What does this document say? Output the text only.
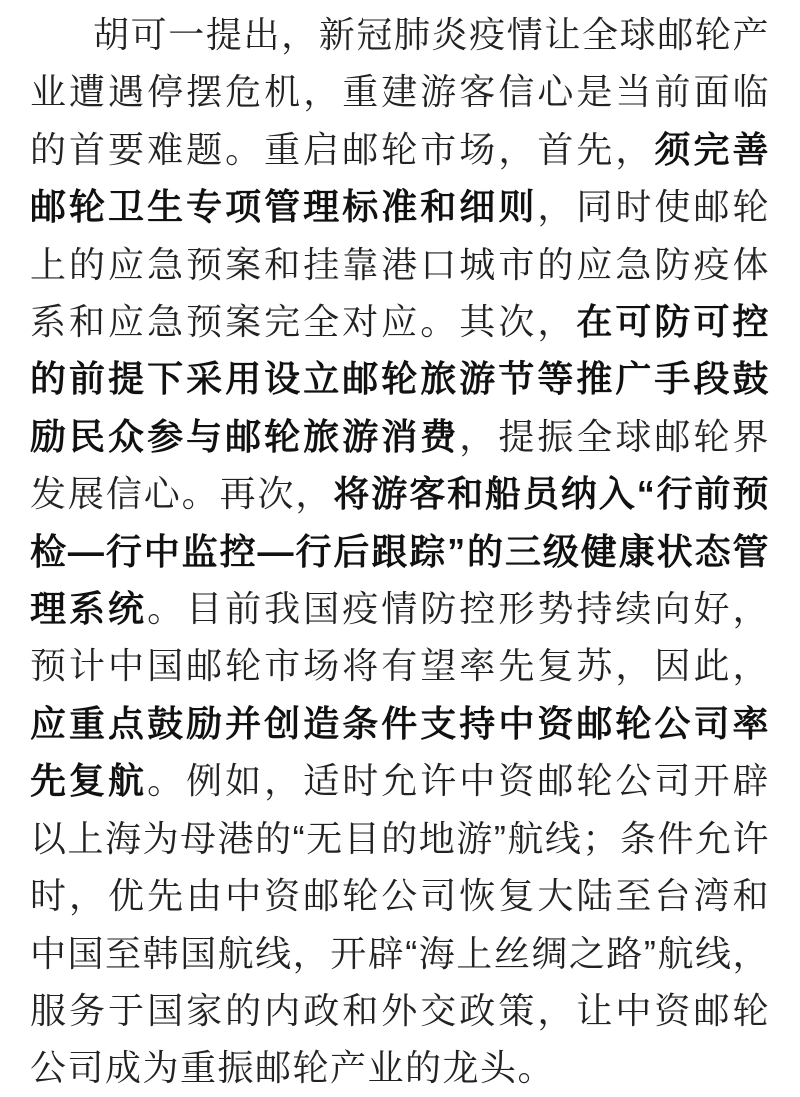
胡可一提出，新冠肺炎疫情让全球邮轮产业遭遇停摆危机，重建游客信心是当前面临的首要难题。重启邮轮市场，首先，须完善邮轮卫生专项管理标准和细则，同时使邮轮上的应急预案和挂靠港口城市的应急防疫体系和应急预案完全对应。其次，在可防可控的前提下采用设立邮轮旅游节等推广手段鼓励民众参与邮轮旅游消费，提振全球邮轮界发展信心。再次，将游客和船员纳入“行前预检—行中监控—行后跟踪”的三级健康状态管理系统。目前我国疫情防控形势持续向好，预计中国邮轮市场将有望率先复苏，因此，应重点鼓励并创造条件支持中资邮轮公司率先复航。例如，适时允许中资邮轮公司开辟以上海为母港的“无目的地游”航线；条件允许时，优先由中资邮轮公司恢复大陆至台湾和中国至韩国航线，开辟“海上丝绸之路”航线，服务于国家的内政和外交政策，让中资邮轮公司成为重振邮轮产业的龙头。
